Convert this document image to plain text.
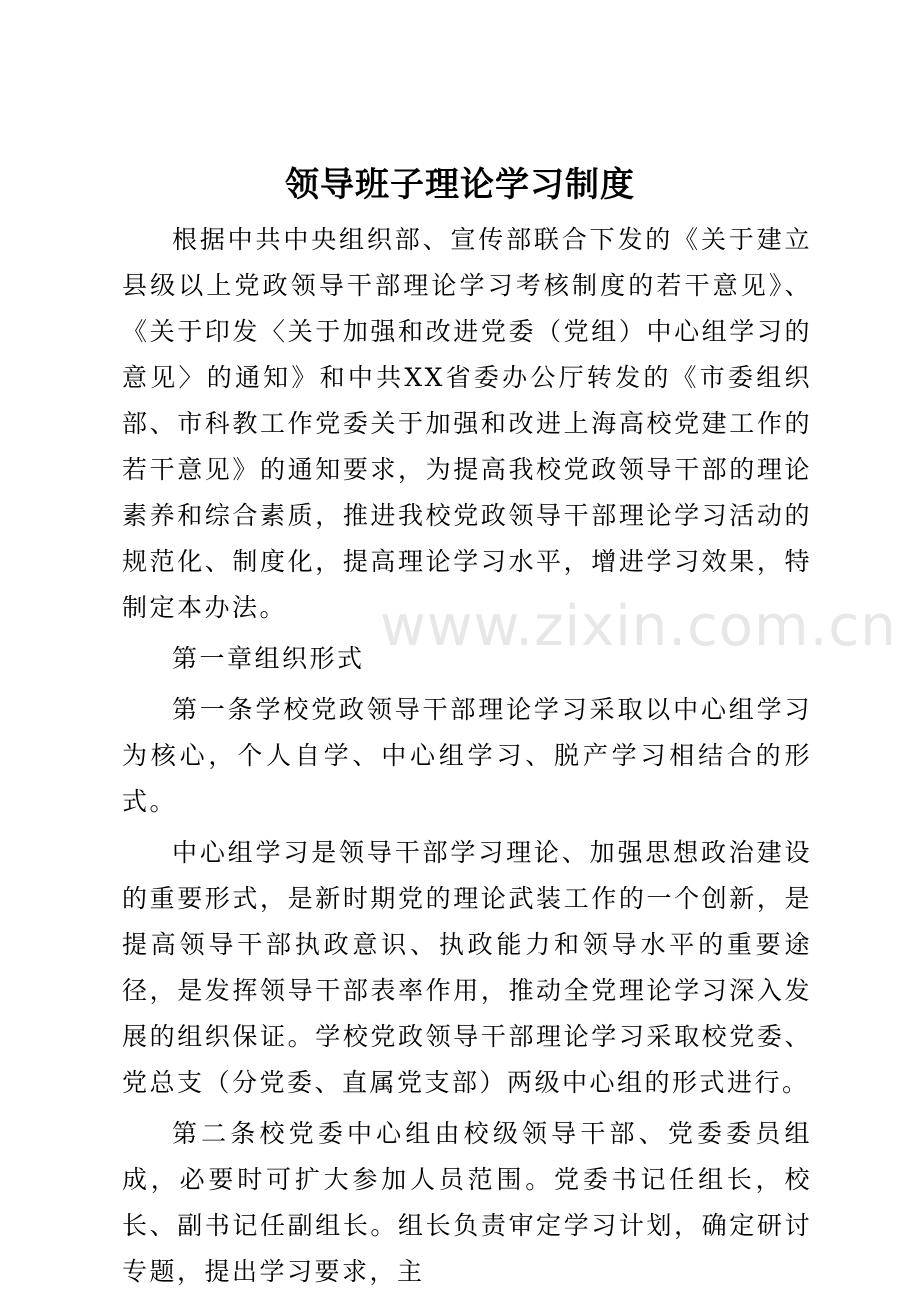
领导班子理论学习制度

根据中共中央组织部、宣传部联合下发的《关于建立县级以上党政领导干部理论学习考核制度的若干意见》、《关于印发〈关于加强和改进党委（党组）中心组学习的意见〉的通知》和中共XX省委办公厅转发的《市委组织部、市科教工作党委关于加强和改进上海高校党建工作的若干意见》的通知要求，为提高我校党政领导干部的理论素养和综合素质，推进我校党政领导干部理论学习活动的规范化、制度化，提高理论学习水平，增进学习效果，特制定本办法。

第一章组织形式

第一条学校党政领导干部理论学习采取以中心组学习为核心，个人自学、中心组学习、脱产学习相结合的形式。

中心组学习是领导干部学习理论、加强思想政治建设的重要形式，是新时期党的理论武装工作的一个创新，是提高领导干部执政意识、执政能力和领导水平的重要途径，是发挥领导干部表率作用，推动全党理论学习深入发展的组织保证。学校党政领导干部理论学习采取校党委、党总支（分党委、直属党支部）两级中心组的形式进行。

第二条校党委中心组由校级领导干部、党委委员组成，必要时可扩大参加人员范围。党委书记任组长，校长、副书记任副组长。组长负责审定学习计划，确定研讨专题，提出学习要求，主

www.zixin.com.cn
